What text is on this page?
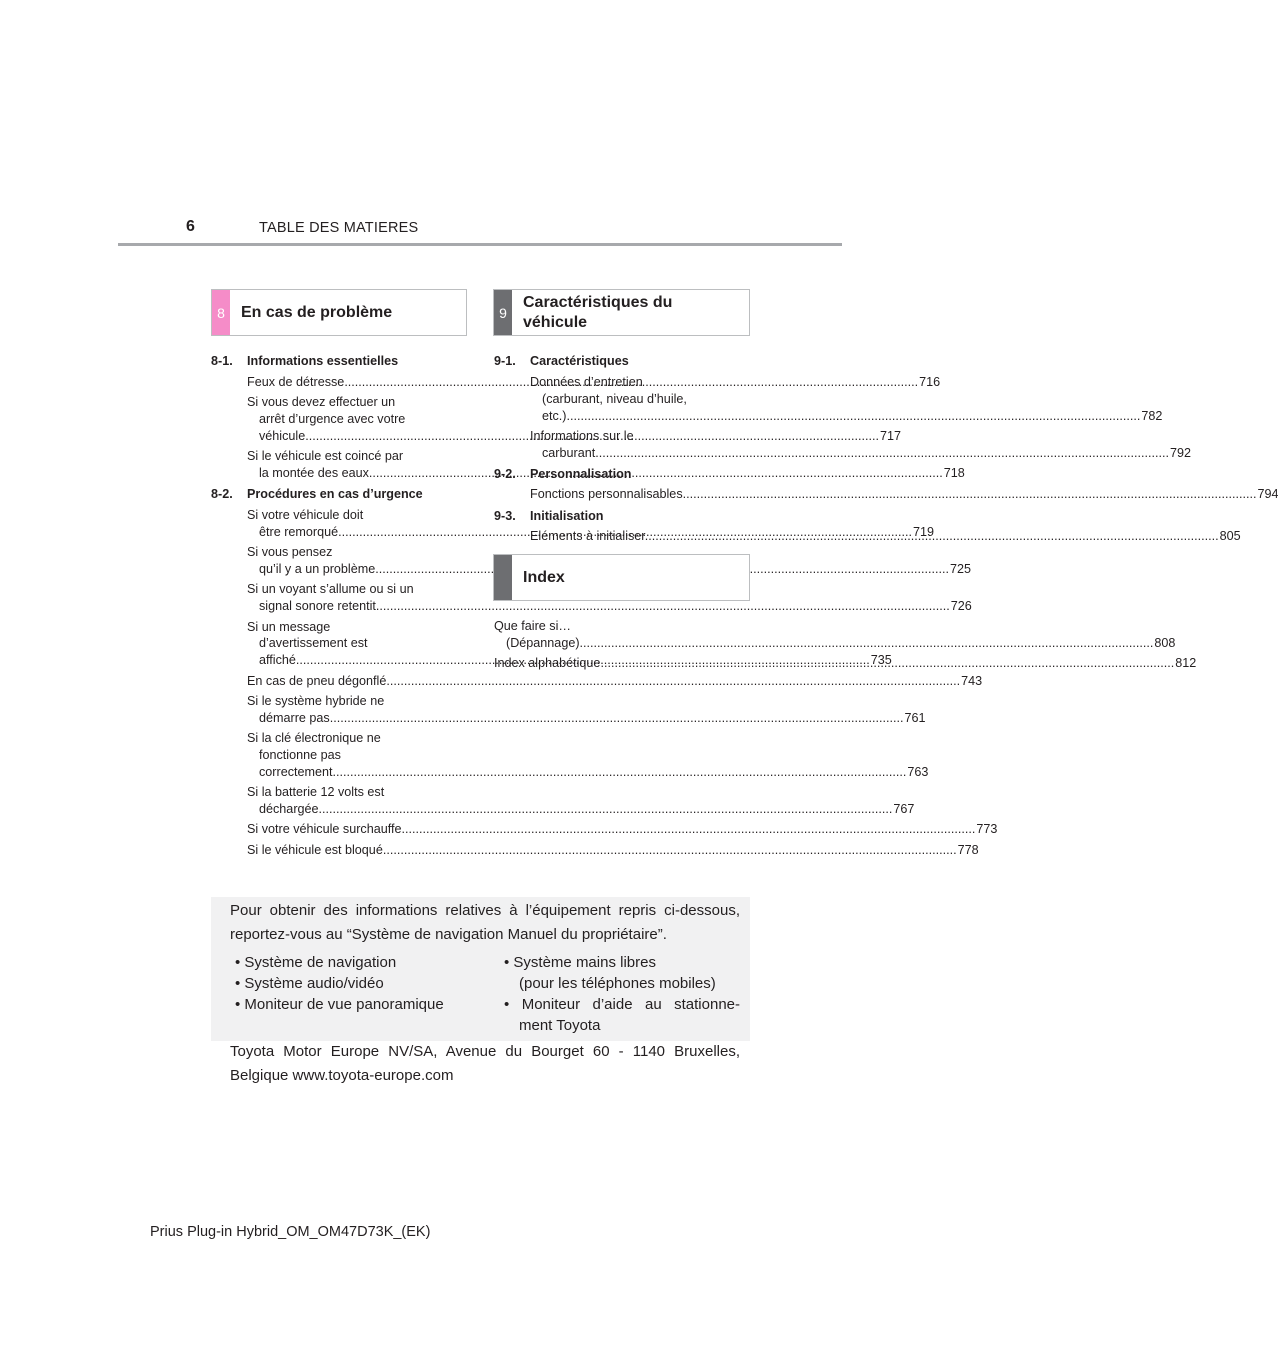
6	TABLE DES MATIERES
8 En cas de problème	9
Caractéristiques du
véhicule
8-1. Informations essentielles
Feux de détresse .....	716
Si vous devez effectuer un
arrêt d’urgence avec votre
véhicule .....	717
Si le véhicule est coincé par
la montée des eaux .....	718
8-2. Procédures en cas d’urgence
Si votre véhicule doit
être remorqué .....	719
Si vous pensez
qu’il y a un problème .....	725
Si un voyant s’allume ou si un
signal sonore retentit .....	726
Si un message
d’avertissement est
affiché .....	735
En cas de pneu dégonflé .....	743
Si le système hybride ne
démarre pas .....	761
Si la clé électronique ne
fonctionne pas
correctement .....	763
Si la batterie 12 volts est
déchargée .....	767
Si votre véhicule surchauffe .....	773
Si le véhicule est bloqué .....	778
9-1. Caractéristiques
Données d’entretien
(carburant, niveau d’huile,
etc.) .....	782
Informations sur le
carburant .....	792
9-2. Personnalisation
Fonctions personnalisables .....	794
9-3. Initialisation
Eléments à initialiser .....	805
Index
Que faire si…
(Dépannage) .....	808
Index alphabétique .....	812
Pour obtenir des informations relatives à l’équipement repris ci-dessous, reportez-vous au “Système de navigation Manuel du propriétaire”.
• Système de navigation
• Système audio/vidéo
• Moniteur de vue panoramique
• Système mains libres
(pour les téléphones mobiles)
• Moniteur d’aide au stationne-
ment Toyota
Toyota Motor Europe NV/SA, Avenue du Bourget 60 - 1140 Bruxelles, Belgique www.toyota-europe.com
Prius Plug-in Hybrid_OM_OM47D73K_(EK)
